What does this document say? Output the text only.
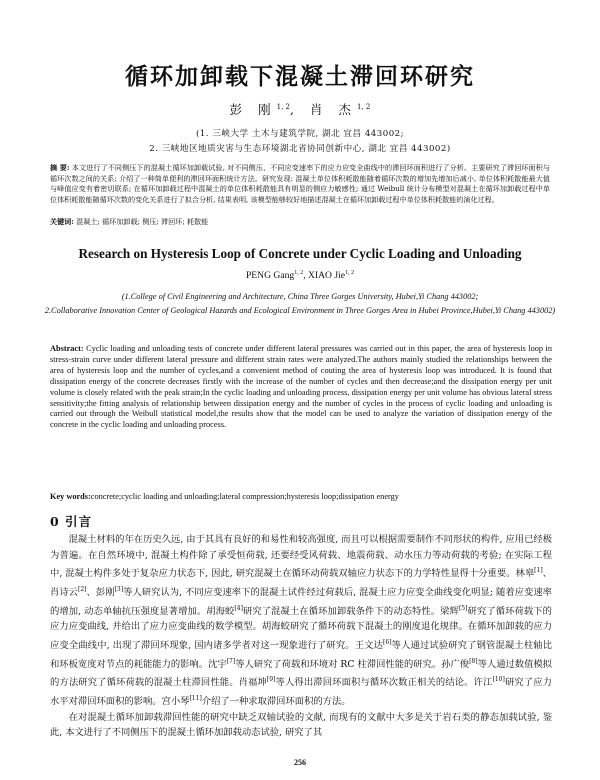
循环加卸载下混凝土滞回环研究
彭 刚$^{1, 2}$, 肖 杰$^{1, 2}$
(1. 三峡大学 土木与建筑学院, 湖北 宜昌 443002;
2. 三峡地区地质灾害与生态环境湖北省协同创新中心, 湖北 宜昌 443002)
摘 要: 本文进行了不同侧压下的混凝土循环加卸载试验, 对不同侧压、不同应变速率下的应力应变全曲线中的滞回环面积进行了分析。主要研究了滞回环面积与循环次数之间的关系; 介绍了一种简单便利的滞回环面积统计方法。研究发现: 混凝土单位体积耗散能随着循环次数的增加先增加后减小, 单位体积耗散能最大值与峰值应变有着密切联系; 在循环加卸载过程中混凝土的单位体积耗散能具有明显的侧应力敏感性; 通过 Weibull 统计分布模型对混凝土在循环加卸载过程中单位体积耗散能随循环次数的变化关系进行了拟合分析, 结果表明, 该模型能够较好地描述混凝土在循环加卸载过程中单位体积耗散能的演化过程。
关键词: 混凝土; 循环加卸载; 侧压; 滞回环; 耗散能
Research on Hysteresis Loop of Concrete under Cyclic Loading and Unloading
PENG Gang$^{1, 2}$, XIAO Jie$^{1, 2}$
(1.College of Civil Engineering and Architecture, China Three Gorges University, Hubei,Yi Chang 443002;
2.Collaborative Innovation Center of Geological Hazards and Ecological Environment in Three Gorges Area in Hubei Province,Hubei,Yi Chang 443002)
Abstract: Cyclic loading and unloading tests of concrete under different lateral pressures was carried out in this paper, the area of hysteresis loop in stress-strain curve under different lateral pressure and different strain rates were analyzed.The authors mainly studied the relationships between the area of hysteresis loop and the number of cycles,and a convenient method of couting the area of hysteresis loop was introduced. It is found that dissipation energy of the concrete decreases firstly with the increase of the number of cycles and then decrease;and the dissipation energy per unit volume is closely related with the peak strain;In the cyclic loading and unloading process, dissipation energy per unit volume has obvious lateral stress sensitivity;the fitting analysis of relationship between dissipation energy and the number of cycles in the process of cyclic loading and unloading is carried out through the Weibull statistical model,the results show that the model can be used to analyze the variation of dissipation energy of the concrete in the cyclic loading and unloading process.
Key words:concrete;cyclic loading and unloading;lateral compression;hysteresis loop;dissipation energy
0 引言

混凝土材料的年在历史久远, 由于其具有良好的和易性和较高强度, 而且可以根据需要制作不同形状的构件, 应用已经极为普遍。在自然环境中, 混凝土构件除了承受恒荷载, 还要经受风荷载、地震荷载、动水压力等动荷载的考验; 在实际工程中, 混凝土构件多处于复杂应力状态下, 因此, 研究混凝土在循环动荷载双轴应力状态下的力学特性显得十分重要。林皋[1]、肖诗云[2]、彭刚[3]等人研究认为, 不同应变速率下的混凝土试件经过荷载后, 混凝土应力应变全曲线变化明显; 随着应变速率的增加, 动态单轴抗压强度显著增加。胡海蛟[4]研究了混凝土在循环加卸载条件下的动态特性。梁辉[5]研究了循环荷载下的应力应变曲线, 并给出了应力应变曲线的数学模型。胡海蛟研究了循环荷载下混凝土的刚度退化规律。在循环加卸载的应力应变全曲线中, 出现了滞回环现象, 国内诸多学者对这一现象进行了研究。王文达[6]等人通过试验研究了钢管混凝土柱轴比和环板宽度对节点的耗能能力的影响。沈宇[7]等人研究了荷载和环境对 RC 柱滞回性能的研究。孙广俊[8]等人通过数值模拟的方法研究了循环荷载的混凝土柱滞回性能。肖福坤[9]等人得出滞回环面积与循环次数正相关的结论。许江[10]研究了应力水平对滞回环面积的影响。宫小琴[11]介绍了一种求取滞回环面积的方法。

在对混凝土循环加卸载滞回性能的研究中缺乏双轴试验的文献, 而现有的文献中大多是关于岩石类的静态加载试验, 鉴此, 本文进行了不同侧压下的混凝土循环加卸载动态试验, 研究了其

256
